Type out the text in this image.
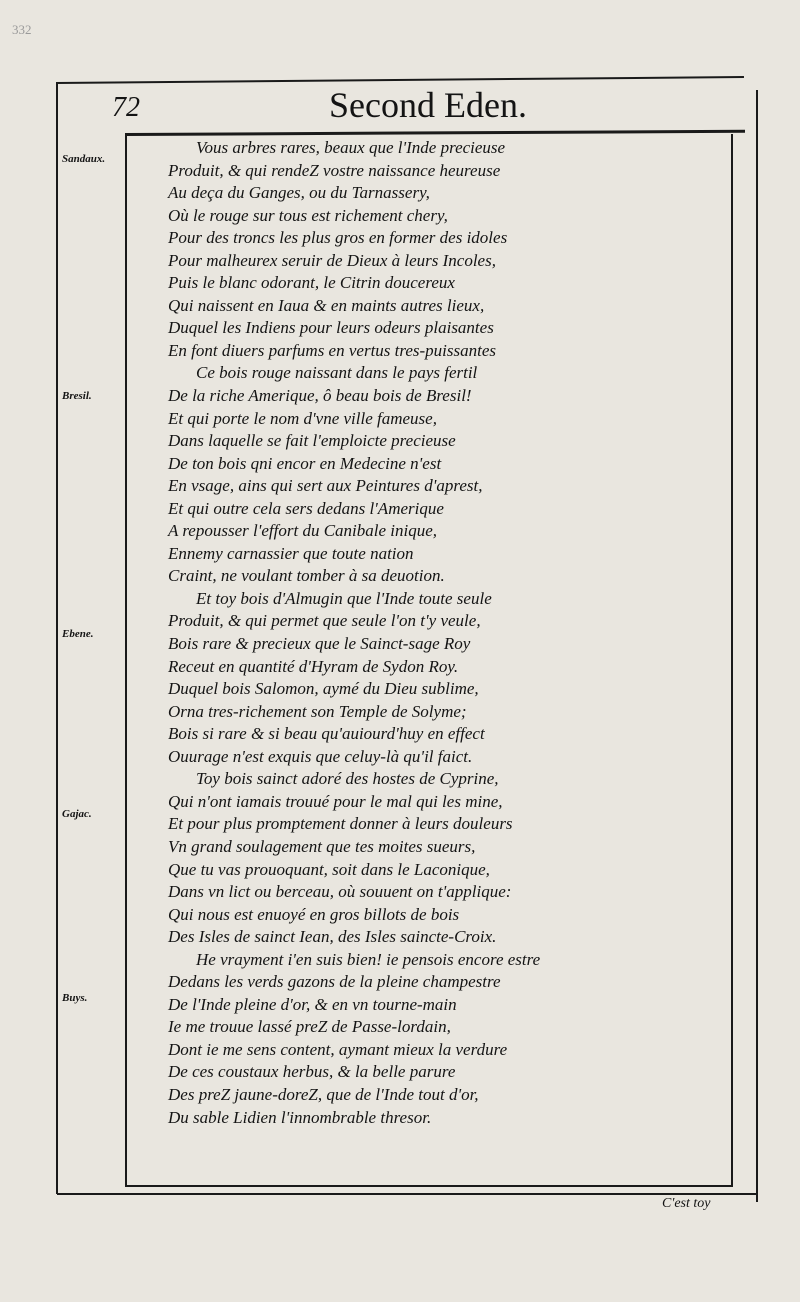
332
72	Second Eden.
Sandaux.
Bresil.
Ebene.
Gajac.
Buys.
Vous arbres rares, beaux que l'Inde precieuse
Produit, & qui rendeZ vostre naissance heureuse
Au deça du Ganges, ou du Tarnassery,
Où le rouge sur tous est richement chery,
Pour des troncs les plus gros en former des idoles
Pour malheurex seruir de Dieux à leurs Incoles,
Puis le blanc odorant, le Citrin doucereux
Qui naissent en Iaua & en maints autres lieux,
Duquel les Indiens pour leurs odeurs plaisantes
En font diuers parfums en vertus tres-puissantes
Ce bois rouge naissant dans le pays fertil
De la riche Amerique, ô beau bois de Bresil!
Et qui porte le nom d'vne ville fameuse,
Dans laquelle se fait l'emploicte precieuse
De ton bois qni encor en Medecine n'est
En vsage, ains qui sert aux Peintures d'aprest,
Et qui outre cela sers dedans l'Amerique
A repousser l'effort du Canibale inique,
Ennemy carnassier que toute nation
Craint, ne voulant tomber à sa deuotion.
Et toy bois d'Almugin que l'Inde toute seule
Produit, & qui permet que seule l'on t'y veule,
Bois rare & precieux que le Sainct-sage Roy
Receut en quantité d'Hyram de Sydon Roy.
Duquel bois Salomon, aymé du Dieu sublime,
Orna tres-richement son Temple de Solyme;
Bois si rare & si beau qu'auiourd'huy en effect
Ouurage n'est exquis que celuy-là qu'il faict.
Toy bois sainct adoré des hostes de Cyprine,
Qui n'ont iamais trouué pour le mal qui les mine,
Et pour plus promptement donner à leurs douleurs
Vn grand soulagement que tes moites sueurs,
Que tu vas prouoquant, soit dans le Laconique,
Dans vn lict ou berceau, où souuent on t'applique:
Qui nous est enuoyé en gros billots de bois
Des Isles de sainct Iean, des Isles saincte-Croix.
He vrayment i'en suis bien! ie pensois encore estre
Dedans les verds gazons de la pleine champestre
De l'Inde pleine d'or, & en vn tourne-main
Ie me trouue lassé preZ de Passe-lordain,
Dont ie me sens content, aymant mieux la verdure
De ces coustaux herbus, & la belle parure
Des preZ jaune-doreZ, que de l'Inde tout d'or,
Du sable Lidien l'innombrable thresor.
C'est toy
